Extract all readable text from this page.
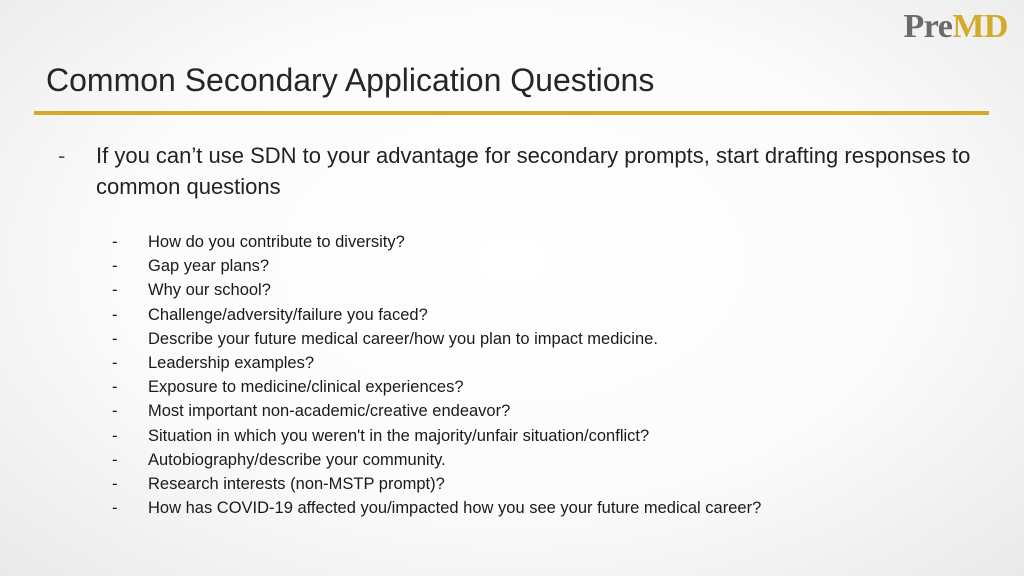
PreMD
Common Secondary Application Questions
-	If you can’t use SDN to your advantage for secondary prompts, start drafting responses to common questions
-	How do you contribute to diversity?
-	Gap year plans?
-	Why our school?
-	Challenge/adversity/failure you faced?
-	Describe your future medical career/how you plan to impact medicine.
-	Leadership examples?
-	Exposure to medicine/clinical experiences?
-	Most important non-academic/creative endeavor?
-	Situation in which you weren't in the majority/unfair situation/conflict?
-	Autobiography/describe your community.
-	Research interests (non-MSTP prompt)?
-	How has COVID-19 affected you/impacted how you see your future medical career?
